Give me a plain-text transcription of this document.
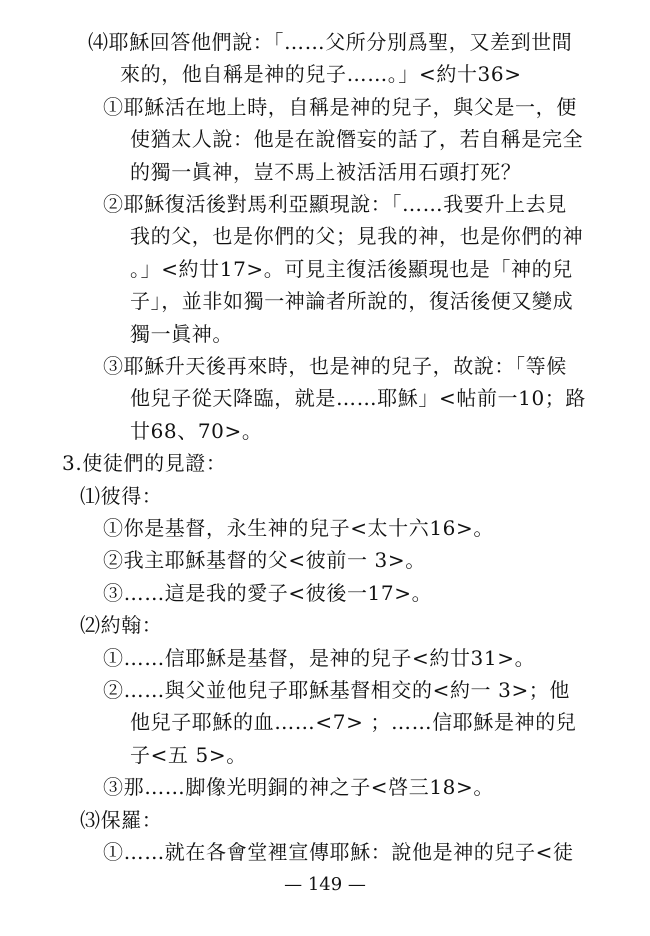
⑷耶穌回答他們說：「……父所分別爲聖，又差到世間
來的，他自稱是神的兒子……。」<約十36>
①耶穌活在地上時，自稱是神的兒子，與父是一，便
使猶太人說：他是在說僭妄的話了，若自稱是完全
的獨一眞神，豈不馬上被活活用石頭打死？
②耶穌復活後對馬利亞顯現說：「……我要升上去見
我的父，也是你們的父；見我的神，也是你們的神
。」<約廿17>。可見主復活後顯現也是「神的兒
子」，並非如獨一神論者所說的，復活後便又變成
獨一眞神。
③耶穌升天後再來時，也是神的兒子，故說：「等候
他兒子從天降臨，就是……耶穌」<帖前一10；路
廿68、70>。
3.使徒們的見證：
⑴彼得：
①你是基督，永生神的兒子<太十六16>。
②我主耶穌基督的父<彼前一 3>。
③……這是我的愛子<彼後一17>。
⑵約翰：
①……信耶穌是基督，是神的兒子<約廿31>。
②……與父並他兒子耶穌基督相交的<約一 3>；他
他兒子耶穌的血……<7> ；……信耶穌是神的兒
子<五 5>。
③那……脚像光明銅的神之子<啓三18>。
⑶保羅：
①……就在各會堂裡宣傳耶穌：說他是神的兒子<徒
— 149 —
